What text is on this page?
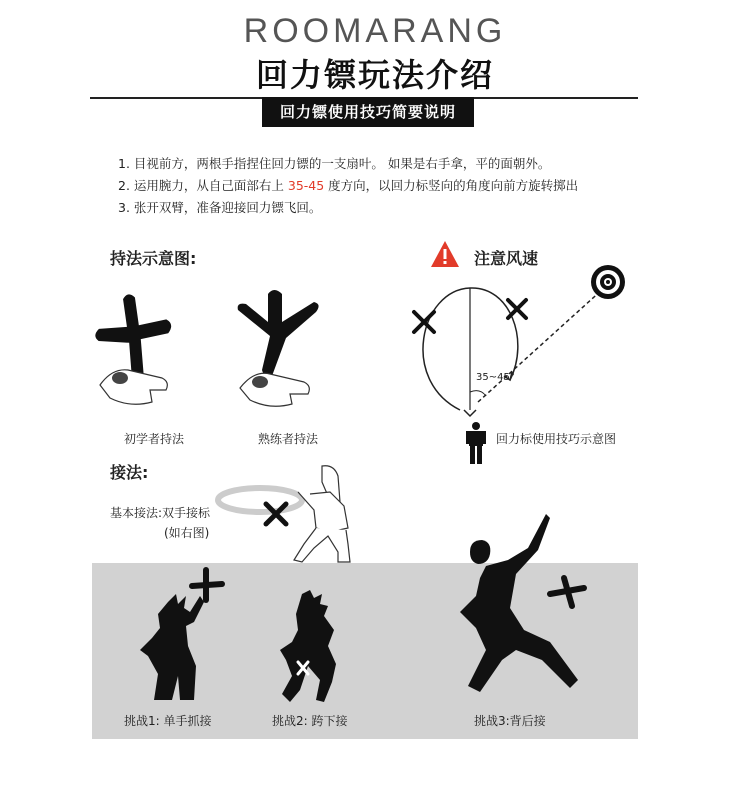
ROOMARANG
回力镖玩法介绍
回力镖使用技巧简要说明
1. 目视前方，两根手指捏住回力镖的一支扇叶。 如果是右手拿，平的面朝外。
2. 运用腕力，从自己面部右上 35-45 度方向，以回力标竖向的角度向前方旋转掷出
3. 张开双臂，准备迎接回力镖飞回。
持法示意图:
初学者持法	熟练者持法
注意风速
35~45°
回力标使用技巧示意图
接法:
基本接法:双手接标
(如右图)
挑战1: 单手抓接	挑战2: 跨下接	挑战3:背后接
